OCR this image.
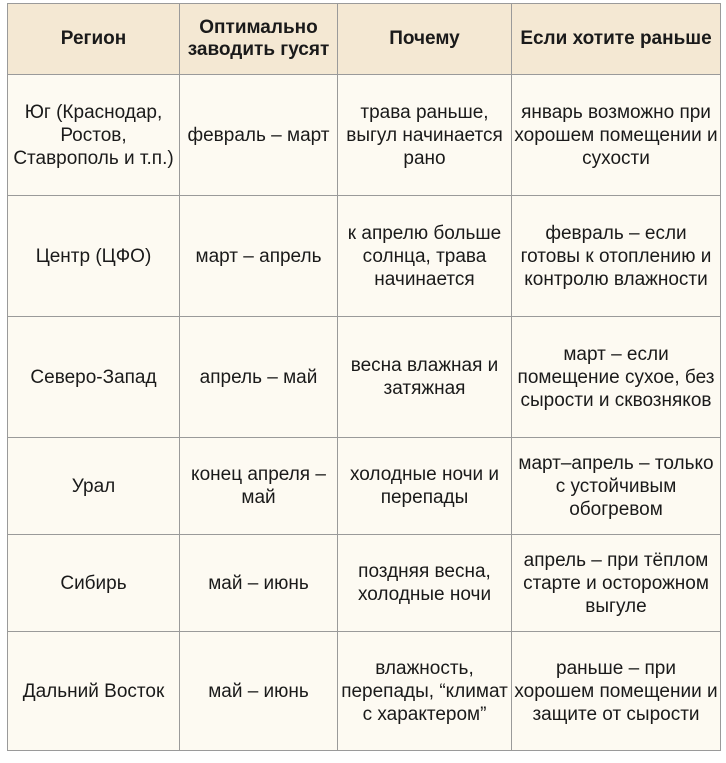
Регион	Оптимально заводить гусят	Почему	Если хотите раньше
Юг (Краснодар, Ростов, Ставрополь и т.п.)	февраль – март	трава раньше, выгул начинается рано	январь возможно при хорошем помещении и сухости
Центр (ЦФО)	март – апрель	к апрелю больше солнца, трава начинается	февраль – если готовы к отоплению и контролю влажности
Северо-Запад	апрель – май	весна влажная и затяжная	март – если помещение сухое, без сырости и сквозняков
Урал	конец апреля – май	холодные ночи и перепады	март–апрель – только с устойчивым обогревом
Сибирь	май – июнь	поздняя весна, холодные ночи	апрель – при тёплом старте и осторожном выгуле
Дальний Восток	май – июнь	влажность, перепады, “климат с характером”	раньше – при хорошем помещении и защите от сырости
